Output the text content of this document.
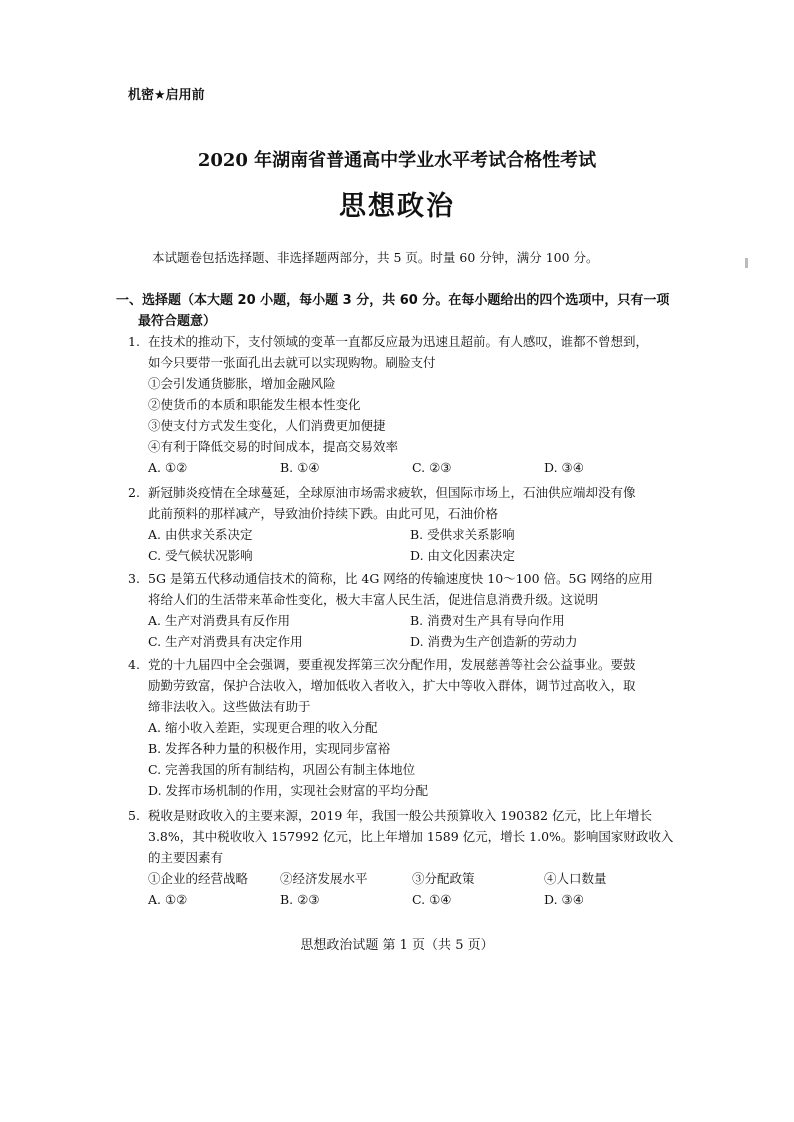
机密★启用前
2020 年湖南省普通高中学业水平考试合格性考试
思想政治
本试题卷包括选择题、非选择题两部分，共 5 页。时量 60 分钟，满分 100 分。
一、选择题（本大题 20 小题，每小题 3 分，共 60 分。在每小题给出的四个选项中，只有一项
最符合题意）
1. 在技术的推动下，支付领域的变革一直都反应最为迅速且超前。有人感叹，谁都不曾想到，
如今只要带一张面孔出去就可以实现购物。刷脸支付
①会引发通货膨胀，增加金融风险
②使货币的本质和职能发生根本性变化
③使支付方式发生变化，人们消费更加便捷
④有利于降低交易的时间成本，提高交易效率
A. ①②	B. ①④	C. ②③	D. ③④
2. 新冠肺炎疫情在全球蔓延，全球原油市场需求疲软，但国际市场上，石油供应端却没有像
此前预料的那样减产，导致油价持续下跌。由此可见，石油价格
A. 由供求关系决定	B. 受供求关系影响
C. 受气候状况影响	D. 由文化因素决定
3. 5G 是第五代移动通信技术的简称，比 4G 网络的传输速度快 10～100 倍。5G 网络的应用
将给人们的生活带来革命性变化，极大丰富人民生活，促进信息消费升级。这说明
A. 生产对消费具有反作用	B. 消费对生产具有导向作用
C. 生产对消费具有决定作用	D. 消费为生产创造新的劳动力
4. 党的十九届四中全会强调，要重视发挥第三次分配作用，发展慈善等社会公益事业。要鼓
励勤劳致富，保护合法收入，增加低收入者收入，扩大中等收入群体，调节过高收入，取
缔非法收入。这些做法有助于
A. 缩小收入差距，实现更合理的收入分配
B. 发挥各种力量的积极作用，实现同步富裕
C. 完善我国的所有制结构，巩固公有制主体地位
D. 发挥市场机制的作用，实现社会财富的平均分配
5. 税收是财政收入的主要来源，2019 年，我国一般公共预算收入 190382 亿元，比上年增长
3.8%，其中税收收入 157992 亿元，比上年增加 1589 亿元，增长 1.0%。影响国家财政收入
的主要因素有
①企业的经营战略	②经济发展水平	③分配政策	④人口数量
A. ①②	B. ②③	C. ①④	D. ③④
思想政治试题 第 1 页（共 5 页）
